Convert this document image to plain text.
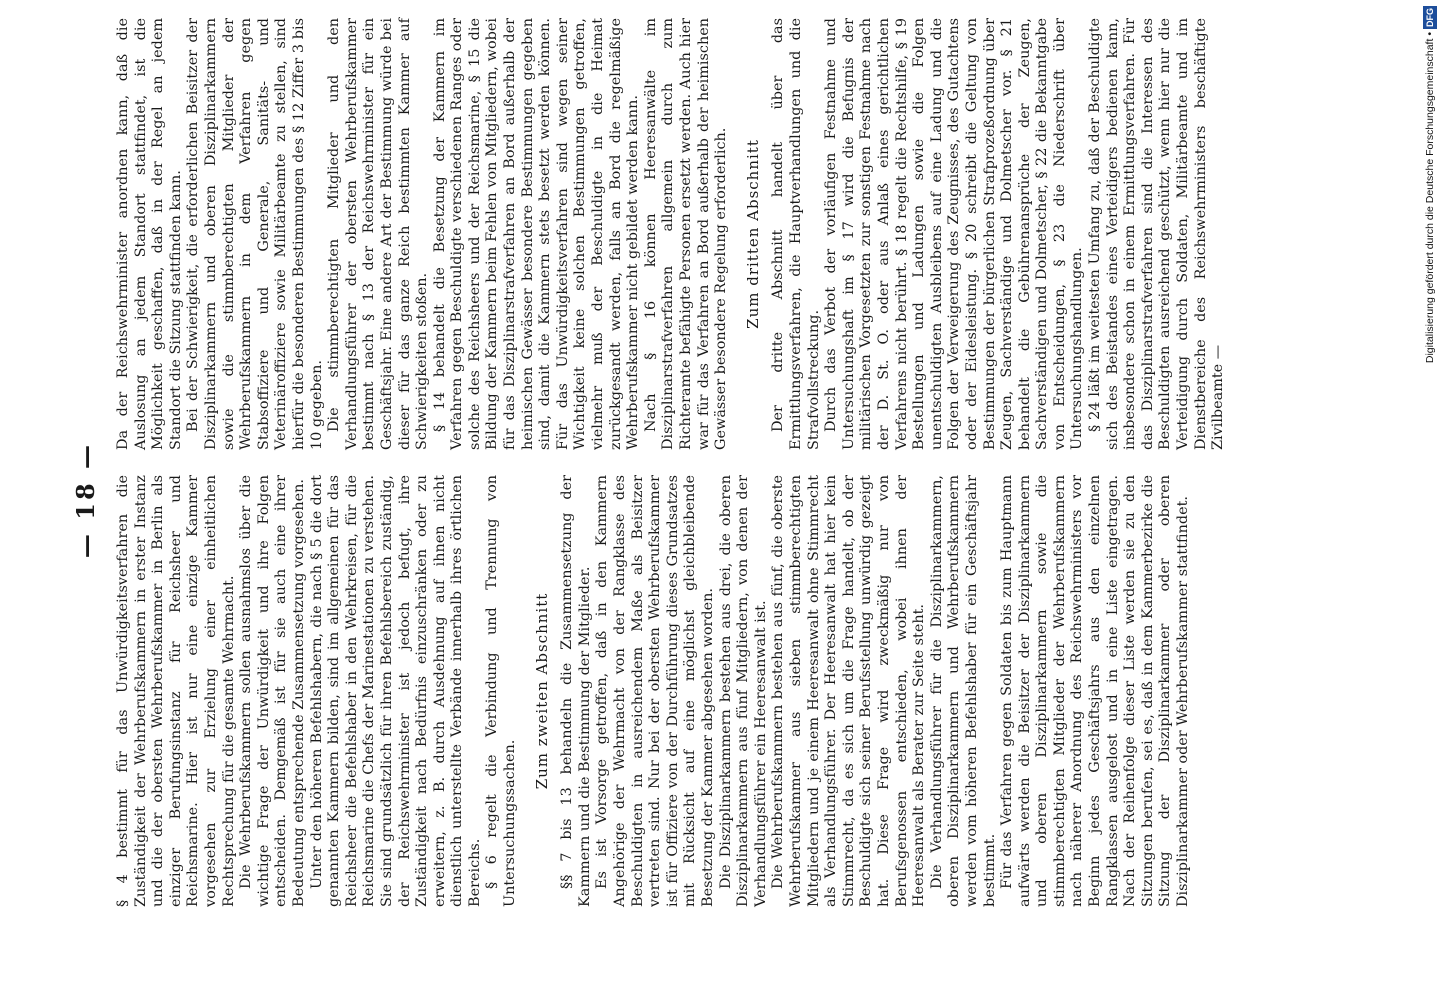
— 18 —	§ 4 bestimmt für das Unwürdigkeitsverfahren die Zuständigkeit der Wehrberufskammern in erster Instanz und die der obersten Wehrberufskammer in Berlin als einziger Berufungsinstanz für Reichsheer und Reichsmarine. Hier ist nur eine einzige Kammer vorgesehen zur Erzielung einer einheitlichen Rechtsprechung für die gesamte Wehrmacht. Die Wehrberufskammern sollen ausnahmslos über die wichtige Frage der Unwürdigkeit und ihre Folgen entscheiden. Demgemäß ist für sie auch eine ihrer Bedeutung entsprechende Zusammensetzung vorgesehen. Unter den höheren Befehlshabern, die nach § 5 die dort genannten Kammern bilden, sind im allgemeinen für das Reichsheer die Befehlshaber in den Wehrkreisen, für die Reichsmarine die Chefs der Marinestationen zu verstehen. Sie sind grundsätzlich für ihren Befehlsbereich zuständig, der Reichswehrminister ist jedoch befugt, ihre Zuständigkeit nach Bedürfnis einzuschränken oder zu erweitern, z. B. durch Ausdehnung auf ihnen nicht dienstlich unterstellte Verbände innerhalb ihres örtlichen Bereichs. § 6 regelt die Verbindung und Trennung von Untersuchungssachen.

Zum zweiten Abschnitt §§ 7 bis 13 behandeln die Zusammensetzung der Kammern und die Bestimmung der Mitglieder. Es ist Vorsorge getroffen, daß in den Kammern Angehörige der Wehrmacht von der Rangklasse des Beschuldigten in ausreichendem Maße als Beisitzer vertreten sind. Nur bei der obersten Wehrberufskammer ist für Offiziere von der Durchführung dieses Grundsatzes mit Rücksicht auf eine möglichst gleichbleibende Besetzung der Kammer abgesehen worden. Die Disziplinarkammern bestehen aus drei, die oberen Disziplinarkammern aus fünf Mitgliedern, von denen der Verhandlungsführer ein Heeresanwalt ist. Die Wehrberufskammern bestehen aus fünf, die oberste Wehrberufskammer aus sieben stimmberechtigten Mitgliedern und je einem Heeresanwalt ohne Stimmrecht als Verhandlungsführer. Der Heeresanwalt hat hier kein Stimmrecht, da es sich um die Frage handelt, ob der Beschuldigte sich seiner Berufsstellung unwürdig gezeigt hat. Diese Frage wird zweckmäßig nur von Berufsgenossen entschieden, wobei ihnen der Heeresanwalt als Berater zur Seite steht. Die Verhandlungsführer für die Disziplinarkammern, oberen Disziplinarkammern und Wehrberufskammern werden vom höheren Befehlshaber für ein Geschäftsjahr bestimmt. Für das Verfahren gegen Soldaten bis zum Hauptmann aufwärts werden die Beisitzer der Disziplinarkammern und oberen Disziplinarkammern sowie die stimmberechtigten Mitglieder der Wehrberufskammern nach näherer Anordnung des Reichswehrministers vor Beginn jedes Geschäftsjahrs aus den einzelnen Rangklassen ausgelost und in eine Liste eingetragen. Nach der Reihenfolge dieser Liste werden sie zu den Sitzungen berufen, sei es, daß in dem Kammerbezirke die Sitzung der Disziplinarkammer oder oberen Disziplinarkammer oder Wehrberufskammer stattfindet.

Da der Reichswehrminister anordnen kann, daß die Auslosung an jedem Standort stattfindet, ist die Möglichkeit geschaffen, daß in der Regel an jedem Standort die Sitzung stattfinden kann. Bei der Schwierigkeit, die erforderlichen Beisitzer der Disziplinarkammern und oberen Disziplinarkammern sowie die stimmberechtigten Mitglieder der Wehrberufskammern in dem Verfahren gegen Stabsoffiziere und Generale, Sanitäts- und Veterinäroffiziere sowie Militärbeamte zu stellen, sind hierfür die besonderen Bestimmungen des § 12 Ziffer 3 bis 10 gegeben. Die stimmberechtigten Mitglieder und den Verhandlungsführer der obersten Wehrberufskammer bestimmt nach § 13 der Reichswehrminister für ein Geschäftsjahr. Eine andere Art der Bestimmung würde bei dieser für das ganze Reich bestimmten Kammer auf Schwierigkeiten stoßen. § 14 behandelt die Besetzung der Kammern im Verfahren gegen Beschuldigte verschiedenen Ranges oder solche des Reichsheers und der Reichsmarine, § 15 die Bildung der Kammern beim Fehlen von Mitgliedern, wobei für das Disziplinarstrafverfahren an Bord außerhalb der heimischen Gewässer besondere Bestimmungen gegeben sind, damit die Kammern stets besetzt werden können. Für das Unwürdigkeitsverfahren sind wegen seiner Wichtigkeit keine solchen Bestimmungen getroffen, vielmehr muß der Beschuldigte in die Heimat zurückgesandt werden, falls an Bord die regelmäßige Wehrberufskammer nicht gebildet werden kann. Nach § 16 können Heeresanwälte im Disziplinarstrafverfahren allgemein durch zum Richteramte befähigte Personen ersetzt werden. Auch hier war für das Verfahren an Bord außerhalb der heimischen Gewässer besondere Regelung erforderlich. Zum dritten Abschnitt Der dritte Abschnitt handelt über das Ermittlungsverfahren, die Hauptverhandlungen und die Strafvollstreckung. Durch das Verbot der vorläufigen Festnahme und Untersuchungshaft im § 17 wird die Befugnis der militärischen Vorgesetzten zur sonstigen Festnahme nach der D. St. O. oder aus Anlaß eines gerichtlichen Verfahrens nicht berührt. § 18 regelt die Rechtshilfe, § 19 Bestellungen und Ladungen sowie die Folgen unentschuldigten Ausbleibens auf eine Ladung und die Folgen der Verweigerung des Zeugnisses, des Gutachtens oder der Eidesleistung. § 20 schreibt die Geltung von Bestimmungen der bürgerlichen Strafprozeßordnung über Zeugen, Sachverständige und Dolmetscher vor. § 21 behandelt die Gebührenansprüche der Zeugen, Sachverständigen und Dolmetscher, § 22 die Bekanntgabe von Entscheidungen, § 23 die Niederschrift über Untersuchungshandlungen. § 24 läßt im weitesten Umfang zu, daß der Beschuldigte sich des Beistandes eines Verteidigers bedienen kann, insbesondere schon in einem Ermittlungsverfahren. Für das Disziplinarstrafverfahren sind die Interessen des Beschuldigten ausreichend geschützt, wenn hier nur die Verteidigung durch Soldaten, Militärbeamte und im Dienstbereiche des Reichswehrministers beschäftigte Zivilbeamte —

Digitalisierung gefördert durch die Deutsche Forschungsgemeinschaft •DFG
